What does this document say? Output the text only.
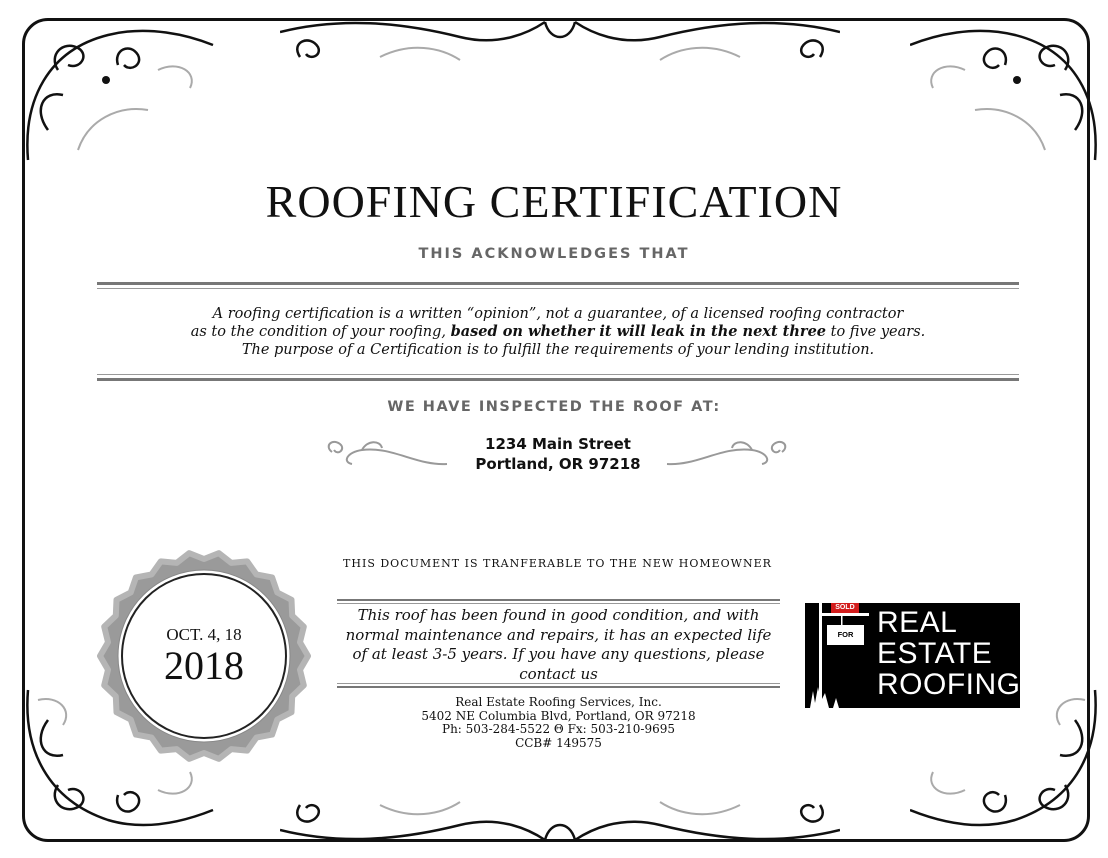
ROOFING CERTIFICATION
THIS ACKNOWLEDGES THAT
A roofing certification is a written “opinion”, not a guarantee, of a licensed roofing contractor
as to the condition of your roofing, based on whether it will leak in the next three to five years.
The purpose of a Certification is to fulfill the requirements of your lending institution.
WE HAVE INSPECTED THE ROOF AT:
1234 Main Street
Portland, OR 97218
THIS DOCUMENT IS TRANFERABLE TO THE NEW HOMEOWNER
OCT. 4, 18
2018
This roof has been found in good condition, and with normal maintenance and repairs, it has an expected life of at least 3-5 years. If you have any questions, please contact us
Real Estate Roofing Services, Inc.
5402 NE Columbia Blvd, Portland, OR 97218
Ph: 503-284-5522 Θ Fx: 503-210-9695
CCB# 149575
SOLD
FOR SALE
REAL
ESTATE
ROOFING
